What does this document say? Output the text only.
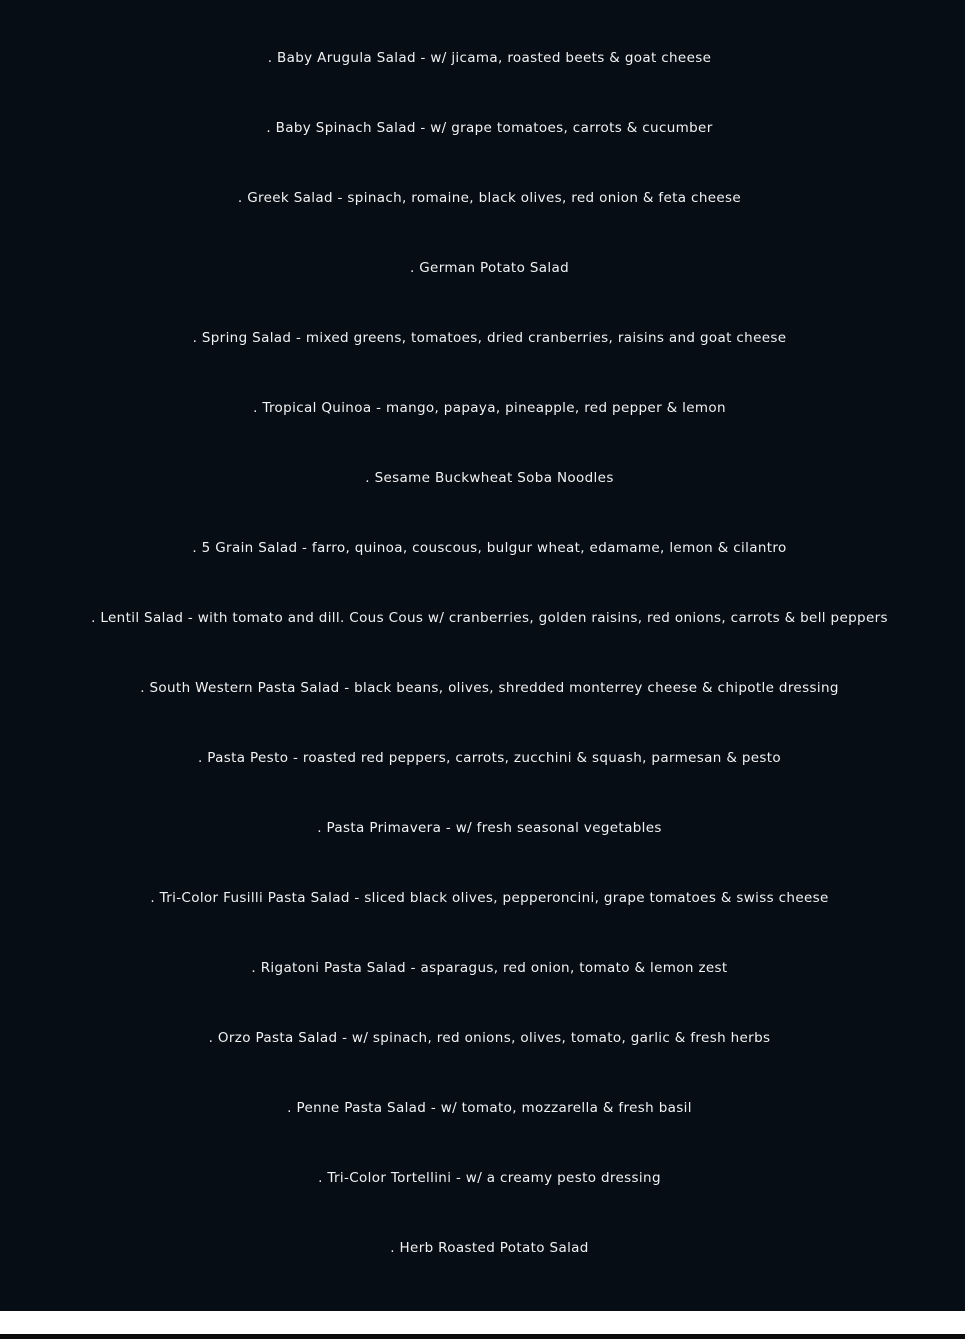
. Baby Arugula Salad - w/ jicama, roasted beets & goat cheese
. Baby Spinach Salad - w/ grape tomatoes, carrots & cucumber
. Greek Salad - spinach, romaine, black olives, red onion & feta cheese
. German Potato Salad
. Spring Salad - mixed greens, tomatoes, dried cranberries, raisins and goat cheese
. Tropical Quinoa - mango, papaya, pineapple, red pepper & lemon
. Sesame Buckwheat Soba Noodles
. 5 Grain Salad - farro, quinoa, couscous, bulgur wheat, edamame, lemon & cilantro
. Lentil Salad - with tomato and dill. Cous Cous w/ cranberries, golden raisins, red onions, carrots & bell peppers
. South Western Pasta Salad - black beans, olives, shredded monterrey cheese & chipotle dressing
. Pasta Pesto - roasted red peppers, carrots, zucchini & squash, parmesan & pesto
. Pasta Primavera - w/ fresh seasonal vegetables
. Tri-Color Fusilli Pasta Salad - sliced black olives, pepperoncini, grape tomatoes & swiss cheese
. Rigatoni Pasta Salad - asparagus, red onion, tomato & lemon zest
. Orzo Pasta Salad - w/ spinach, red onions, olives, tomato, garlic & fresh herbs
. Penne Pasta Salad - w/ tomato, mozzarella & fresh basil
. Tri-Color Tortellini - w/ a creamy pesto dressing
. Herb Roasted Potato Salad
